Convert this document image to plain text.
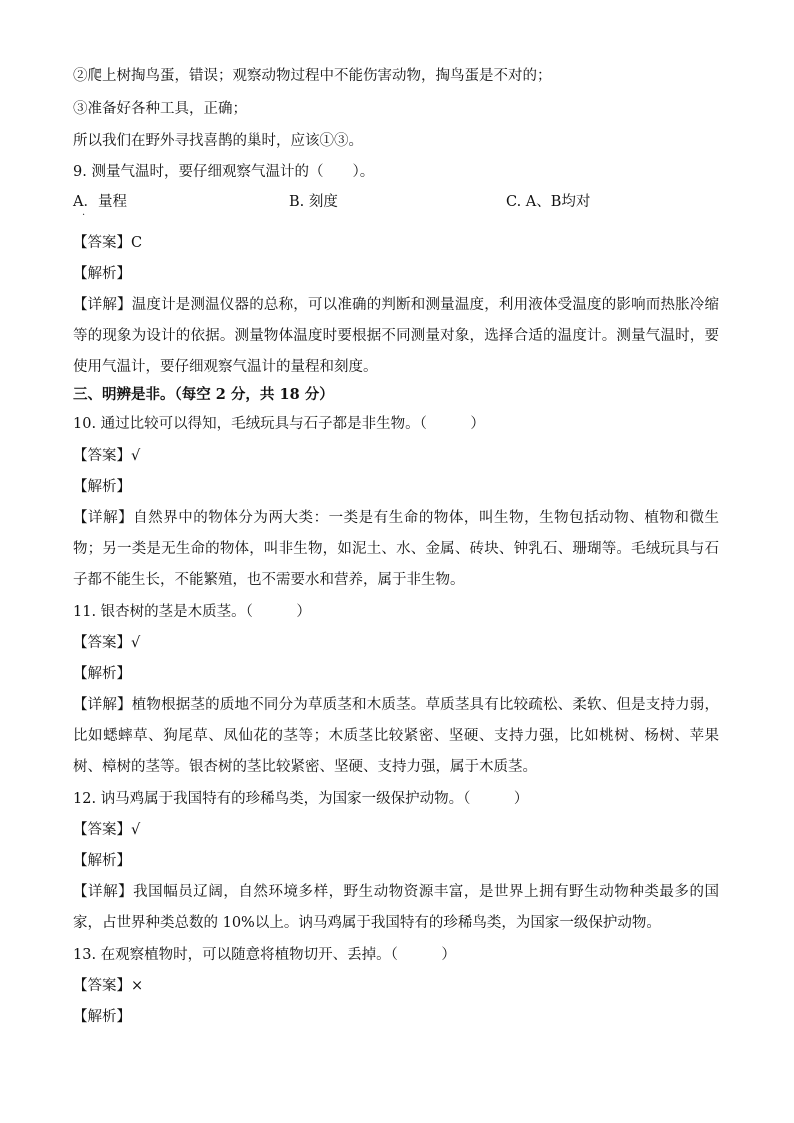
②爬上树掏鸟蛋，错误；观察动物过程中不能伤害动物，掏鸟蛋是不对的；
③准备好各种工具，正确；
所以我们在野外寻找喜鹊的巢时，应该①③。
9. 测量气温时，要仔细观察气温计的（　　）。
A．量程
·
B. 刻度	C. A、B均对
【答案】C
【解析】
【详解】温度计是测温仪器的总称，可以准确的判断和测量温度，利用液体受温度的影响而热胀冷缩等的现象为设计的依据。测量物体温度时要根据不同测量对象，选择合适的温度计。测量气温时，要使用气温计，要仔细观察气温计的量程和刻度。
三、明辨是非。（每空 2 分，共 18 分）
10. 通过比较可以得知，毛绒玩具与石子都是非生物。（　　　）
【答案】√
【解析】
【详解】自然界中的物体分为两大类：一类是有生命的物体，叫生物，生物包括动物、植物和微生物；另一类是无生命的物体，叫非生物，如泥土、水、金属、砖块、钟乳石、珊瑚等。毛绒玩具与石子都不能生长，不能繁殖，也不需要水和营养，属于非生物。
11. 银杏树的茎是木质茎。（　　　）
【答案】√
【解析】
【详解】植物根据茎的质地不同分为草质茎和木质茎。草质茎具有比较疏松、柔软、但是支持力弱，比如蟋蟀草、狗尾草、凤仙花的茎等；木质茎比较紧密、坚硬、支持力强，比如桃树、杨树、苹果树、樟树的茎等。银杏树的茎比较紧密、坚硬、支持力强，属于木质茎。
12. 讷马鸡属于我国特有的珍稀鸟类，为国家一级保护动物。（　　　）
【答案】√
【解析】
【详解】我国幅员辽阔，自然环境多样，野生动物资源丰富，是世界上拥有野生动物种类最多的国家，占世界种类总数的 10%以上。讷马鸡属于我国特有的珍稀鸟类，为国家一级保护动物。
13. 在观察植物时，可以随意将植物切开、丢掉。（　　　）
【答案】×
【解析】
